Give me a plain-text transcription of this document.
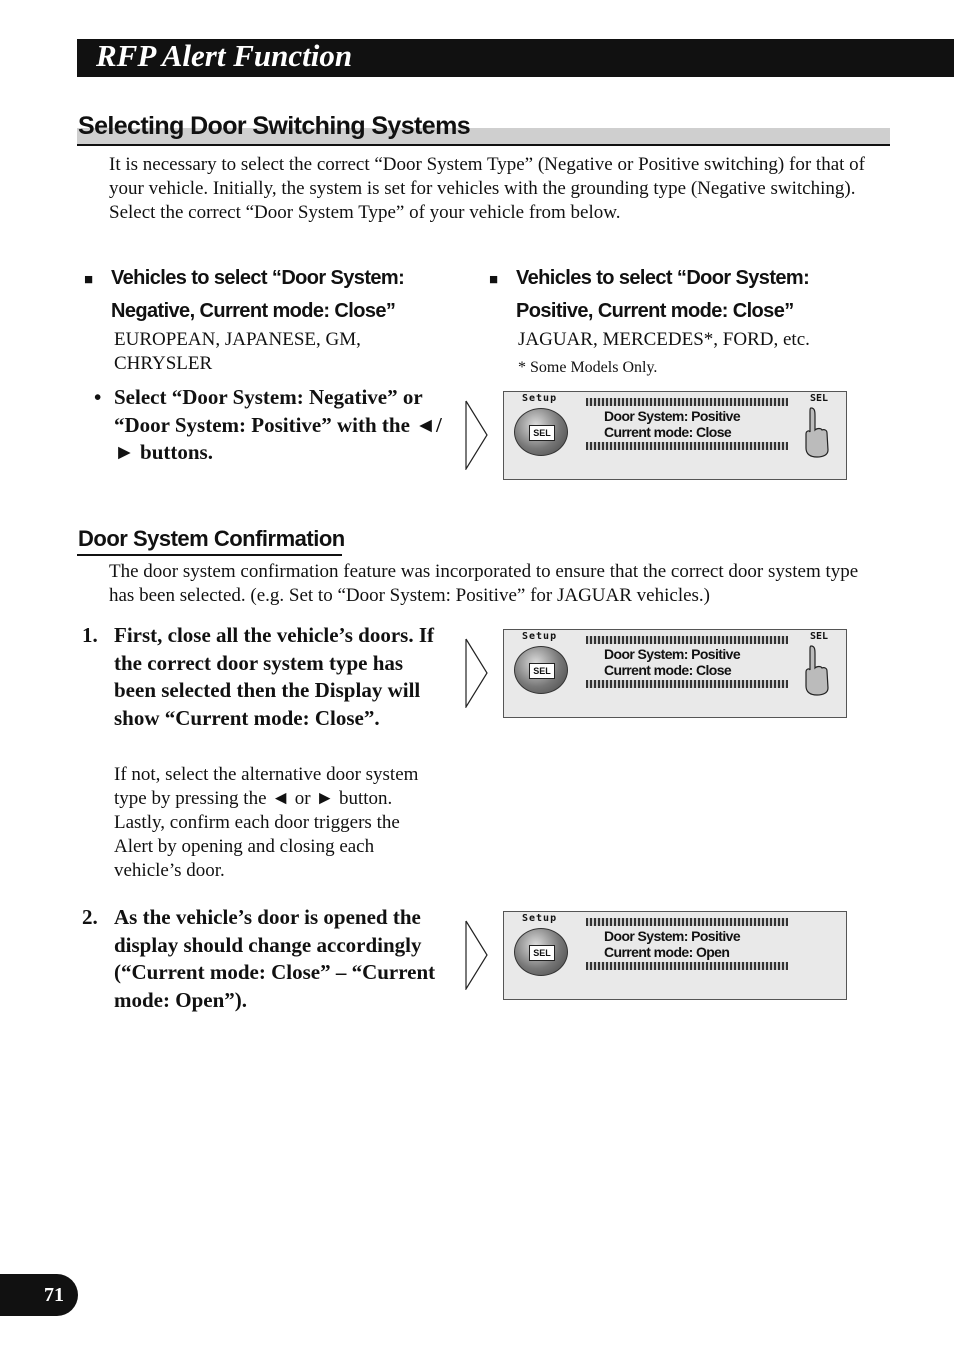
RFP Alert Function
Selecting Door Switching Systems
It is necessary to select the correct “Door System Type” (Negative or Positive switching) for that of your vehicle. Initially, the system is set for vehicles with the grounding type (Negative switching).
Select the correct “Door System Type” of your vehicle from below.
■ Vehicles to select “Door System:
Negative, Current mode: Close”
■ Vehicles to select “Door System:
Positive, Current mode: Close”
EUROPEAN, JAPANESE, GM, CHRYSLER
JAGUAR, MERCEDES*, FORD, etc.
* Some Models Only.
• Select “Door System: Negative” or “Door System: Positive” with the ◄/► buttons.
Setup
SEL
Door System: Positive
Current mode: Close
SEL
Door System Confirmation
The door system confirmation feature was incorporated to ensure that the correct door system type has been selected. (e.g. Set to “Door System: Positive” for JAGUAR vehicles.)
1. First, close all the vehicle’s doors. If the correct door system type has been selected then the Display will show “Current mode: Close”.
If not, select the alternative door system type by pressing the ◄ or ► button. Lastly, confirm each door triggers the Alert by opening and closing each vehicle’s door.
Setup
SEL
Door System: Positive
Current mode: Close
SEL
2. As the vehicle’s door is opened the display should change accordingly (“Current mode: Close” – “Current mode: Open”).
Setup
SEL
Door System: Positive
Current mode: Open
71
